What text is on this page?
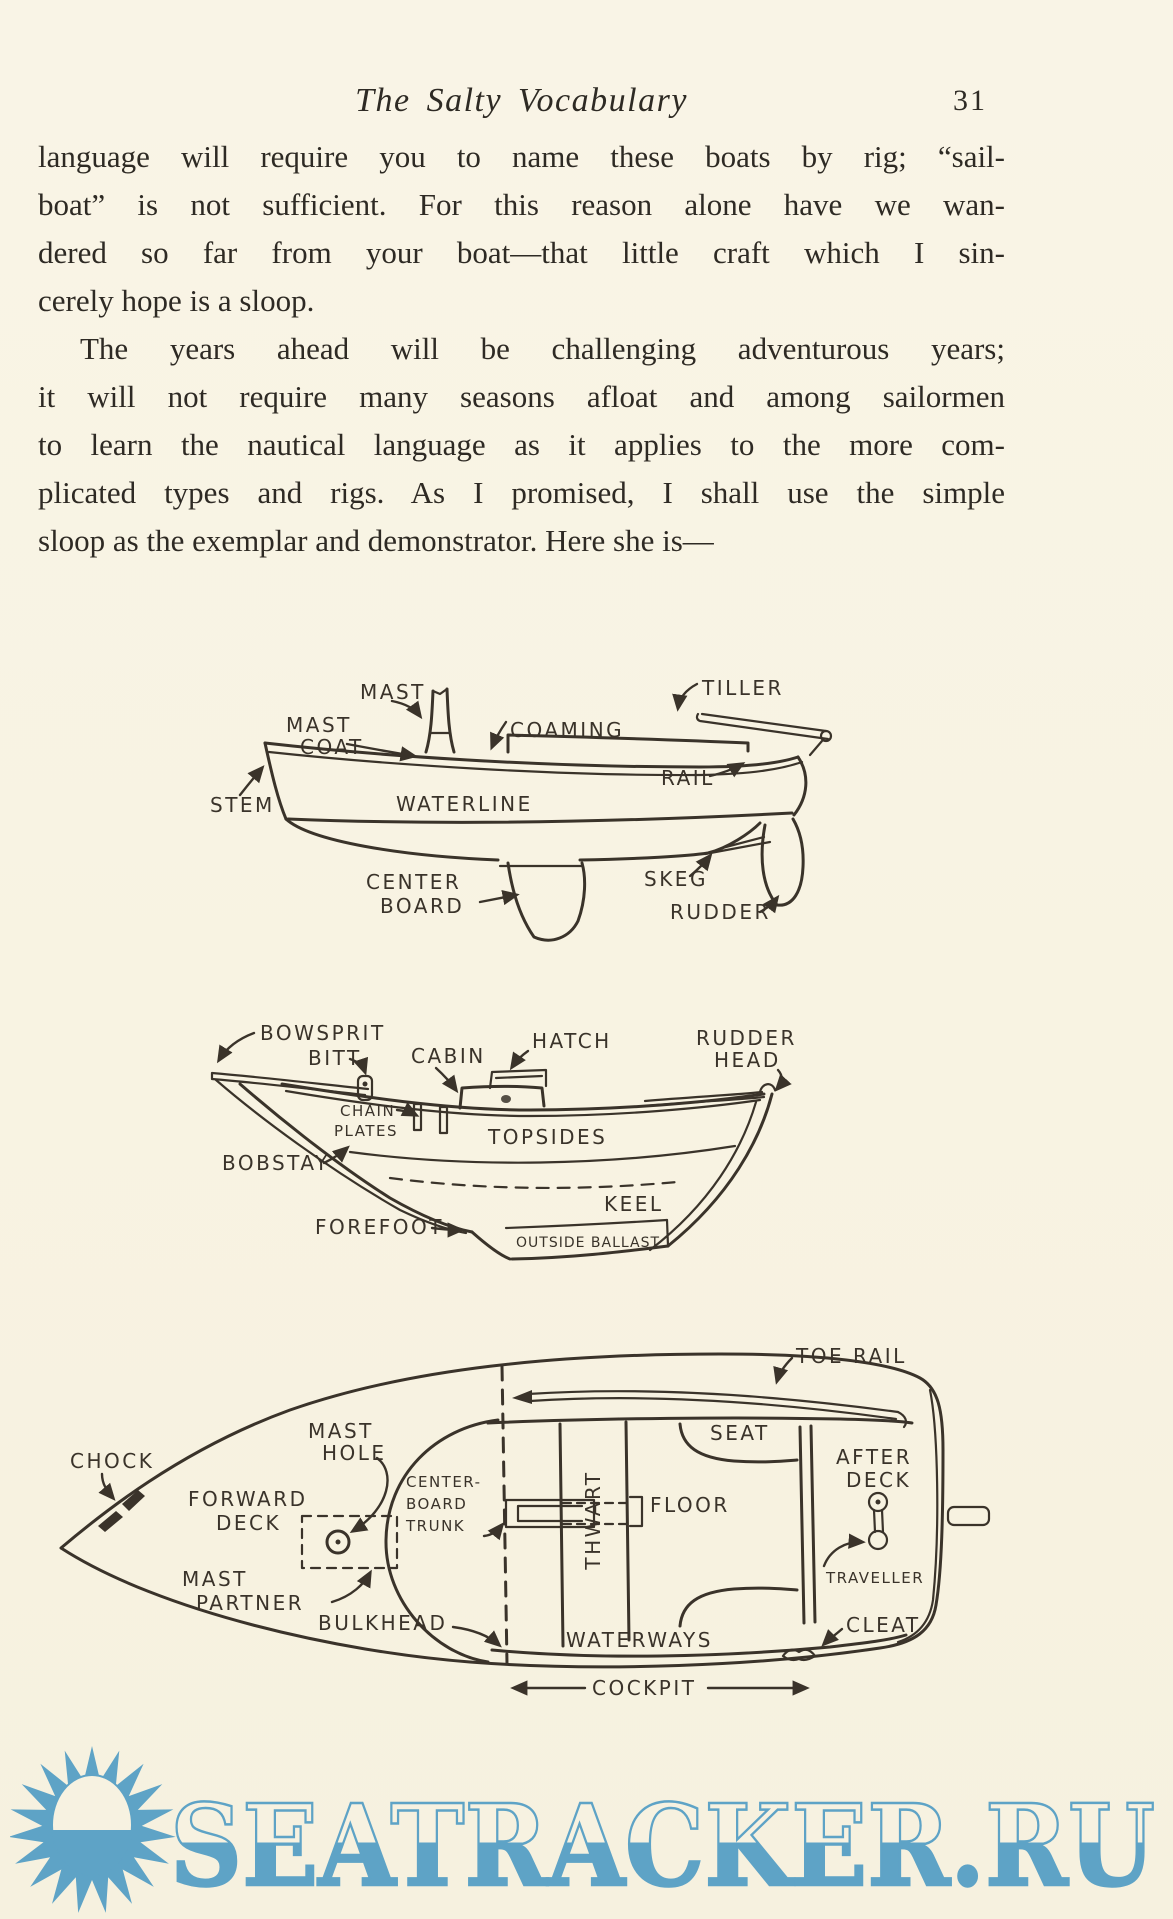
The Salty Vocabulary	31
language will require you to name these boats by rig; “sail-
boat” is not sufficient. For this reason alone have we wan-
dered so far from your boat—that little craft which I sin-
cerely hope is a sloop.
The years ahead will be challenging adventurous years;
it will not require many seasons afloat and among sailormen
to learn the nautical language as it applies to the more com-
plicated types and rigs. As I promised, I shall use the simple
sloop as the exemplar and demonstrator. Here she is—
MAST
MAST
COAT
COAMING
TILLER
RAIL
STEM	WATERLINE
CENTER
BOARD
SKEG
RUDDER
BOWSPRIT
BITT CABIN
HATCH	RUDDER
HEAD
CHAIN
PLATES	TOPSIDES
BOBSTAY
KEEL
FOREFOOT
OUTSIDE BALLAST
TOE RAIL
CHOCK
MAST
HOLE
FORWARD
DECK
CENTER-
BOARD
TRUNK
MAST
PARTNER
THWART
SEAT
FLOOR
AFTER
DECK
TRAVELLER
CLEAT
BULKHEAD
WATERWAYS
COCKPIT
SEATRACKER.RU
